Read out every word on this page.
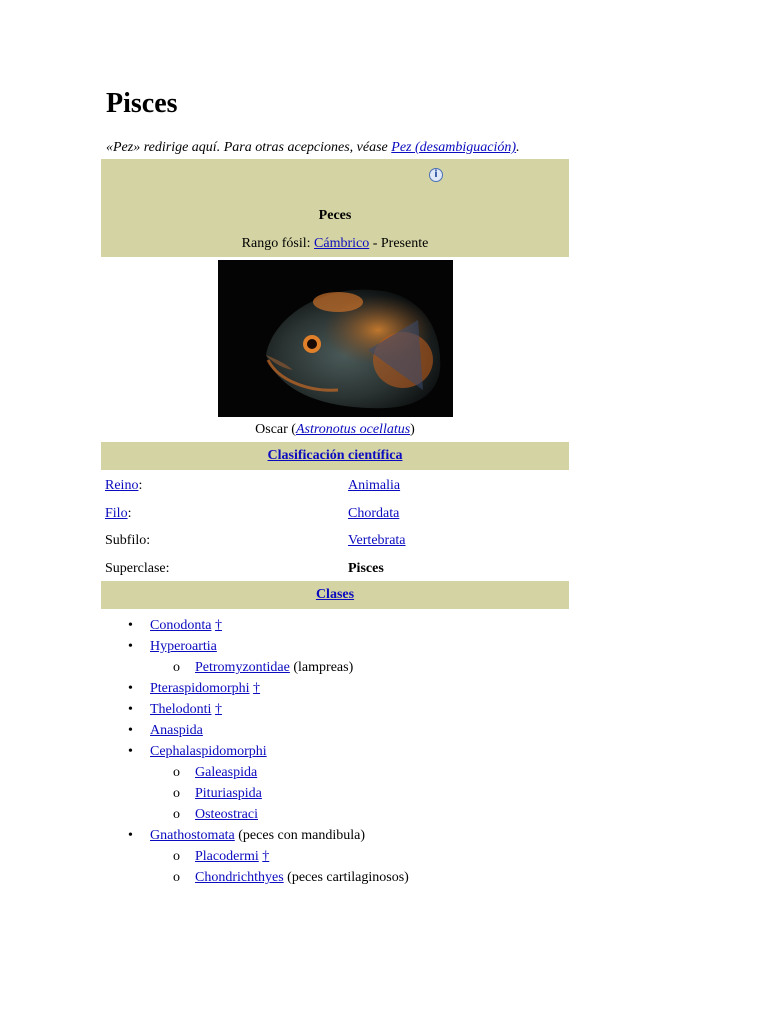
Pisces
«Pez» redirige aquí. Para otras acepciones, véase Pez (desambiguación).
i
Peces
Rango fósil: Cámbrico - Presente
Oscar (Astronotus ocellatus)
Clasificación científica
Reino:	Animalia
Filo:	Chordata
Subfilo:	Vertebrata
Superclase:	Pisces
Clases
• Conodonta †
• Hyperoartia
o Petromyzontidae (lampreas)
• Pteraspidomorphi †
• Thelodonti †
• Anaspida
• Cephalaspidomorphi
o Galeaspida
o Pituriaspida
o Osteostraci
• Gnathostomata (peces con mandibula)
o Placodermi †
o Chondrichthyes (peces cartilaginosos)
